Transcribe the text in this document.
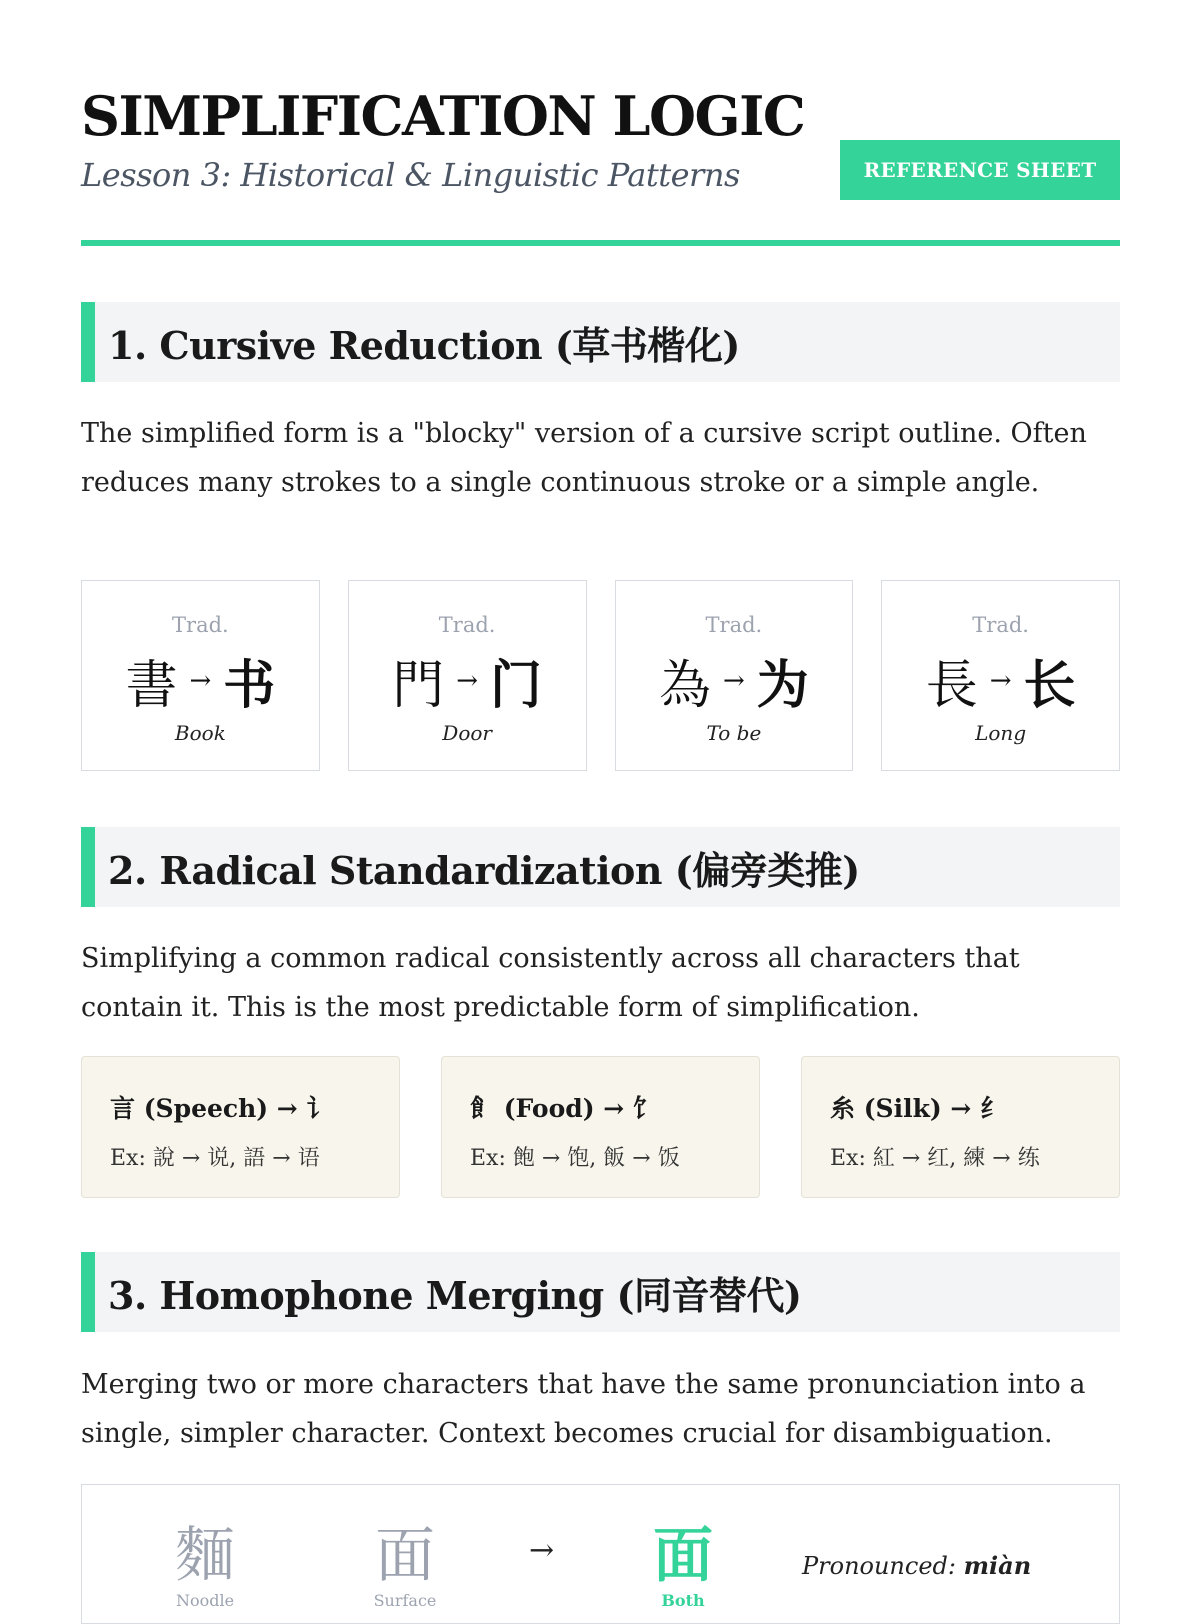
SIMPLIFICATION LOGIC
Lesson 3: Historical & Linguistic Patterns	REFERENCE SHEET
1. Cursive Reduction (草书楷化)
The simplified form is a "blocky" version of a cursive script outline. Often reduces many strokes to a single continuous stroke or a simple angle.
Trad.
書 → 书
Book
Trad.
門 → 门
Door
Trad.
為 → 为
To be
Trad.
長 → 长
Long
2. Radical Standardization (偏旁类推)
Simplifying a common radical consistently across all characters that contain it. This is the most predictable form of simplification.
言 (Speech) → 讠
Ex: 說 → 说, 語 → 语
飠 (Food) → 饣
Ex: 飽 → 饱, 飯 → 饭
糸 (Silk) → 纟
Ex: 紅 → 红, 練 → 练
3. Homophone Merging (同音替代)
Merging two or more characters that have the same pronunciation into a single, simpler character. Context becomes crucial for disambiguation.
麵
Noodle
面
Surface
→ 面
Both
Pronounced: miàn
